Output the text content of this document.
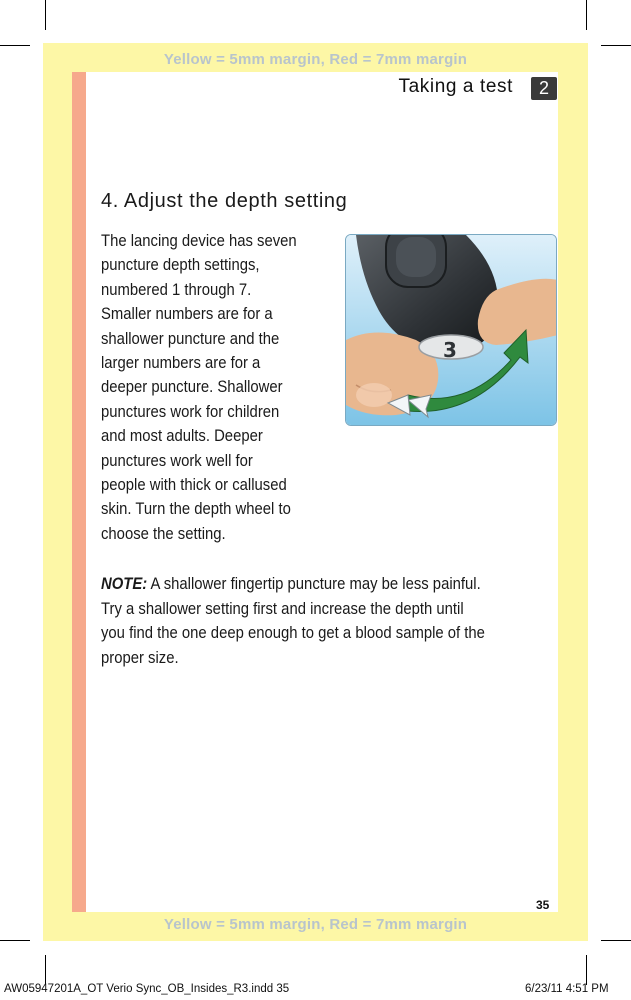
Yellow = 5mm margin, Red = 7mm margin
Yellow = 5mm margin, Red = 7mm margin
Taking a test	2
4. Adjust the depth setting
The lancing device has seven
puncture depth settings,
numbered 1 through 7.
Smaller numbers are for a
shallower puncture and the
larger numbers are for a
deeper puncture. Shallower
punctures work for children
and most adults. Deeper
punctures work well for
people with thick or callused
skin. Turn the depth wheel to
choose the setting.
3
NOTE: A shallower fingertip puncture may be less painful.
Try a shallower setting first and increase the depth until
you find the one deep enough to get a blood sample of the
proper size.
35
AW05947201A_OT Verio Sync_OB_Insides_R3.indd 35	6/23/11 4:51 PM
